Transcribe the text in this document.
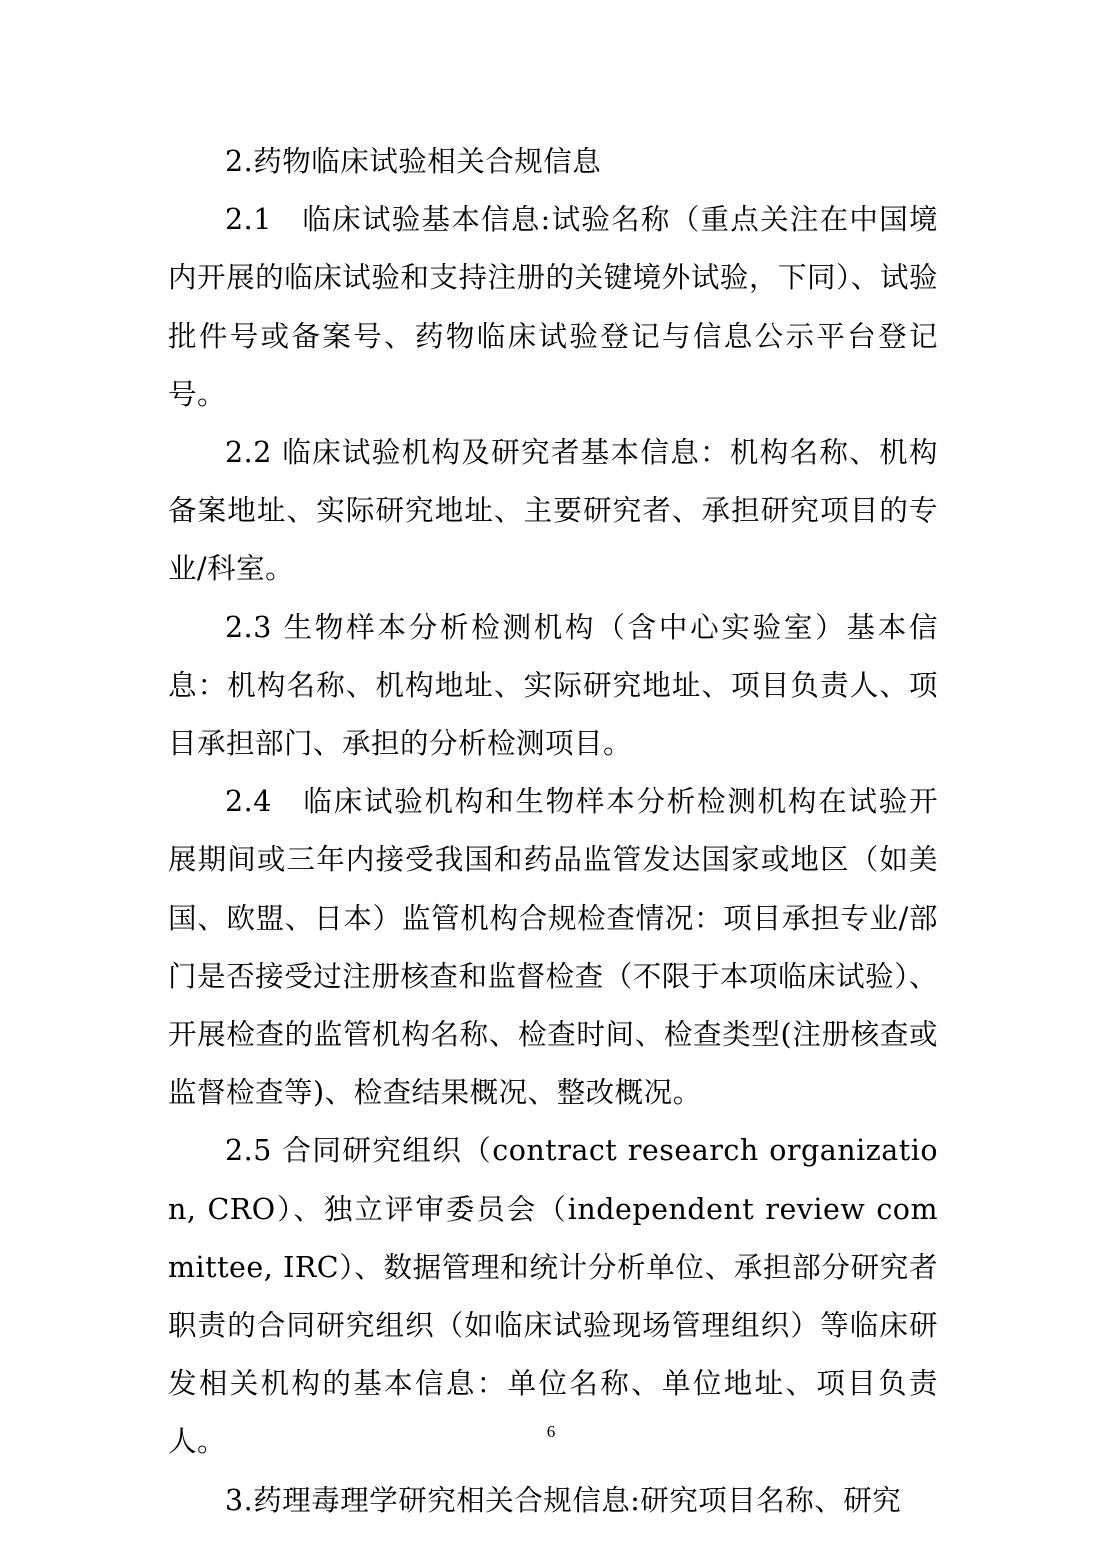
2.药物临床试验相关合规信息

2.1　临床试验基本信息:试验名称（重点关注在中国境内开展的临床试验和支持注册的关键境外试验，下同）、试验批件号或备案号、药物临床试验登记与信息公示平台登记号。

2.2 临床试验机构及研究者基本信息：机构名称、机构备案地址、实际研究地址、主要研究者、承担研究项目的专业/科室。

2.3 生物样本分析检测机构（含中心实验室）基本信息：机构名称、机构地址、实际研究地址、项目负责人、项目承担部门、承担的分析检测项目。

2.4　临床试验机构和生物样本分析检测机构在试验开展期间或三年内接受我国和药品监管发达国家或地区（如美国、欧盟、日本）监管机构合规检查情况：项目承担专业/部门是否接受过注册核查和监督检查（不限于本项临床试验）、开展检查的监管机构名称、检查时间、检查类型(注册核查或监督检查等)、检查结果概况、整改概况。

2.5 合同研究组织（contract research organization, CRO）、独立评审委员会（independent review committee, IRC）、数据管理和统计分析单位、承担部分研究者职责的合同研究组织（如临床试验现场管理组织）等临床研发相关机构的基本信息：单位名称、单位地址、项目负责人。

3.药理毒理学研究相关合规信息:研究项目名称、研究

6
